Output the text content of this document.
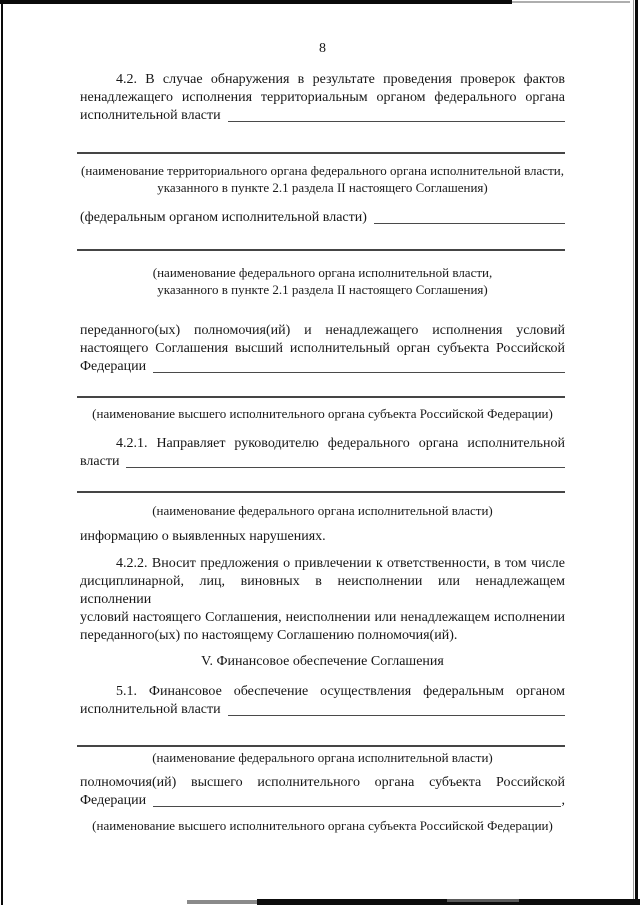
8
4.2. В случае обнаружения в результате проведения проверок фактов
ненадлежащего исполнения территориальным органом федерального органа
исполнительной власти
(наименование территориального органа федерального органа исполнительной власти,
указанного в пункте 2.1 раздела II настоящего Соглашения)
(федеральным органом исполнительной власти)
(наименование федерального органа исполнительной власти,
указанного в пункте 2.1 раздела II настоящего Соглашения)
переданного(ых) полномочия(ий) и ненадлежащего исполнения условий
настоящего Соглашения высший исполнительный орган субъекта Российской
Федерации
(наименование высшего исполнительного органа субъекта Российской Федерации)
4.2.1. Направляет руководителю федерального органа исполнительной
власти
(наименование федерального органа исполнительной власти)
информацию о выявленных нарушениях.
4.2.2. Вносит предложения о привлечении к ответственности, в том числе
дисциплинарной, лиц, виновных в неисполнении или ненадлежащем исполнении
условий настоящего Соглашения, неисполнении или ненадлежащем исполнении
переданного(ых) по настоящему Соглашению полномочия(ий).
V. Финансовое обеспечение Соглашения
5.1. Финансовое обеспечение осуществления федеральным органом
исполнительной власти
(наименование федерального органа исполнительной власти)
полномочия(ий) высшего исполнительного органа субъекта Российской
Федерации	,
(наименование высшего исполнительного органа субъекта Российской Федерации)
